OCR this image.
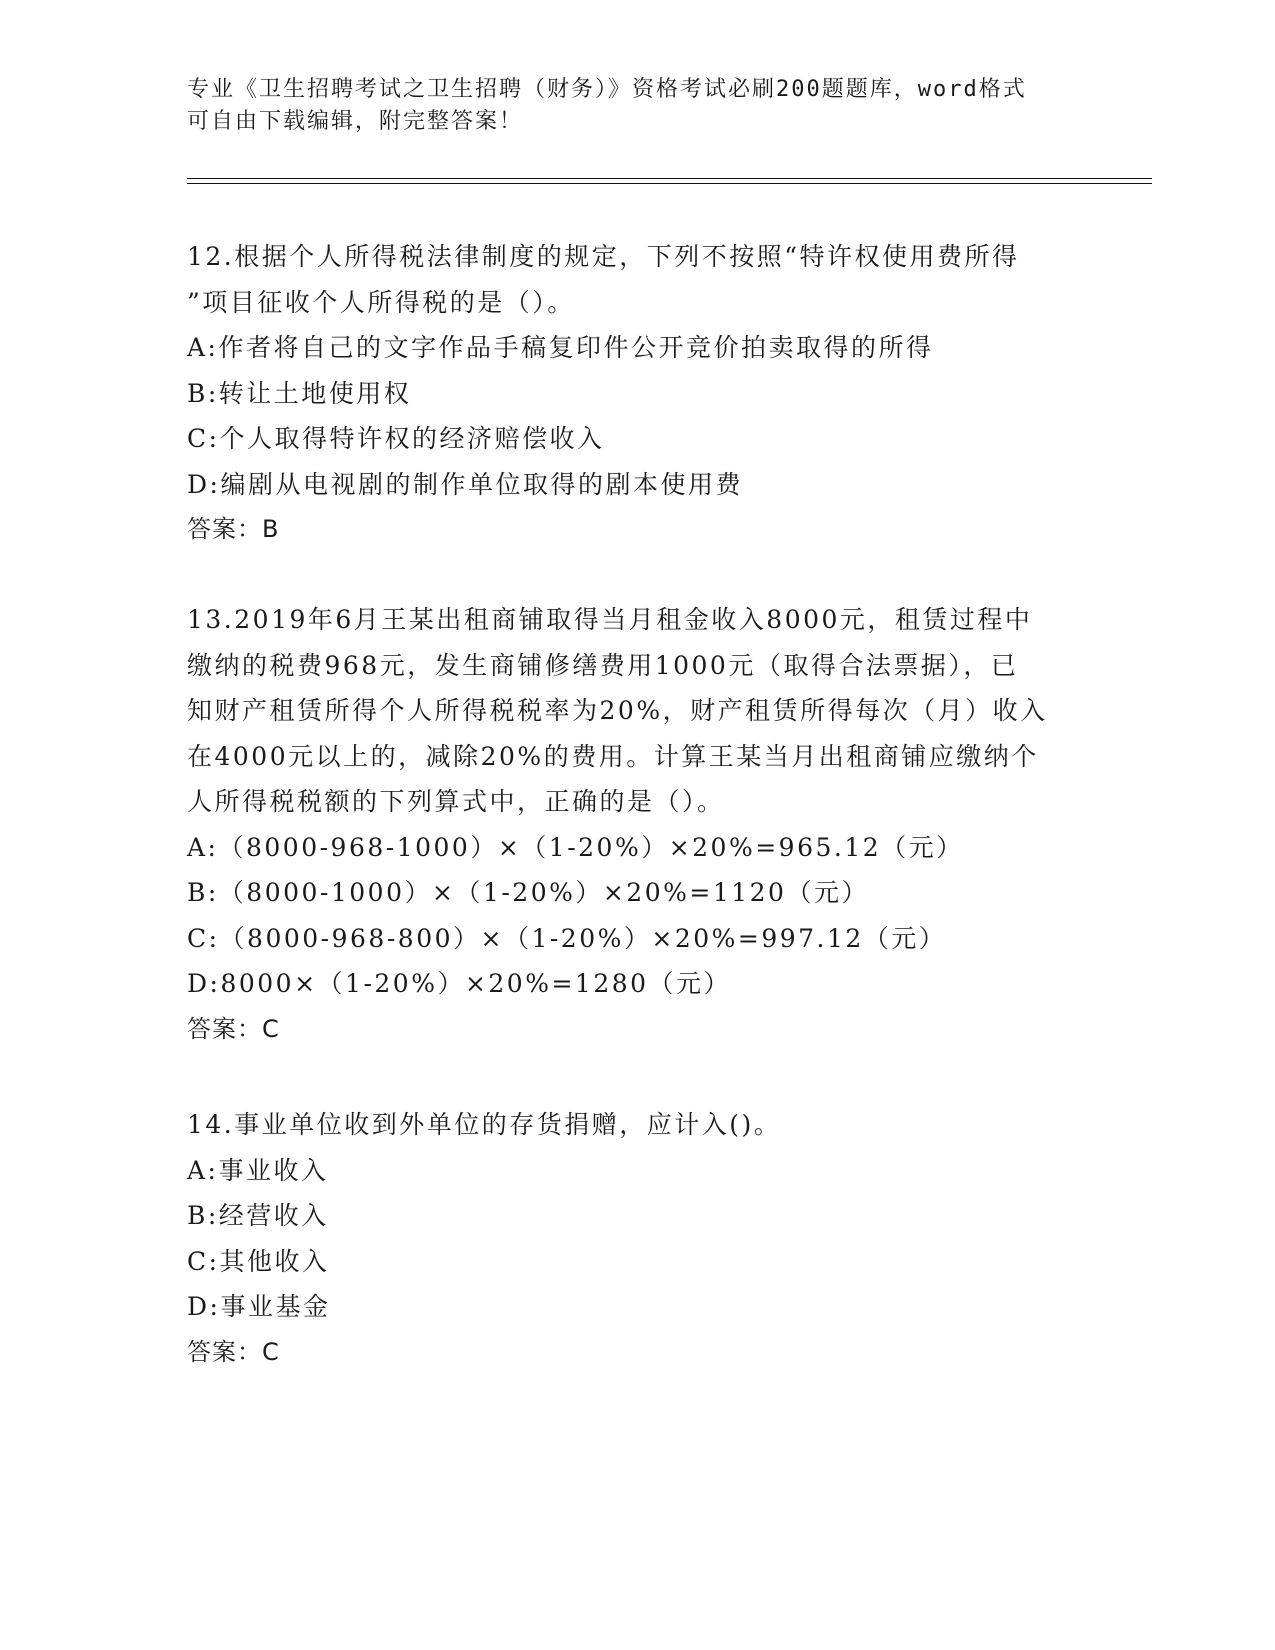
专业《卫生招聘考试之卫生招聘（财务）》资格考试必刷200题题库，word格式
可自由下载编辑，附完整答案！

12.根据个人所得税法律制度的规定，下列不按照“特许权使用费所得

”项目征收个人所得税的是（）。

A:作者将自己的文字作品手稿复印件公开竞价拍卖取得的所得

B:转让土地使用权

C:个人取得特许权的经济赔偿收入

D:编剧从电视剧的制作单位取得的剧本使用费

答案：B

13.2019年6月王某出租商铺取得当月租金收入8000元，租赁过程中

缴纳的税费968元，发生商铺修缮费用1000元（取得合法票据），已

知财产租赁所得个人所得税税率为20%，财产租赁所得每次（月）收入

在4000元以上的，减除20%的费用。计算王某当月出租商铺应缴纳个

人所得税税额的下列算式中，正确的是（）。

A:（8000-968-1000）×（1-20%）×20%=965.12（元）

B:（8000-1000）×（1-20%）×20%=1120（元）

C:（8000-968-800）×（1-20%）×20%=997.12（元）

D:8000×（1-20%）×20%=1280（元）

答案：C

14.事业单位收到外单位的存货捐赠，应计入()。

A:事业收入

B:经营收入

C:其他收入

D:事业基金

答案：C
